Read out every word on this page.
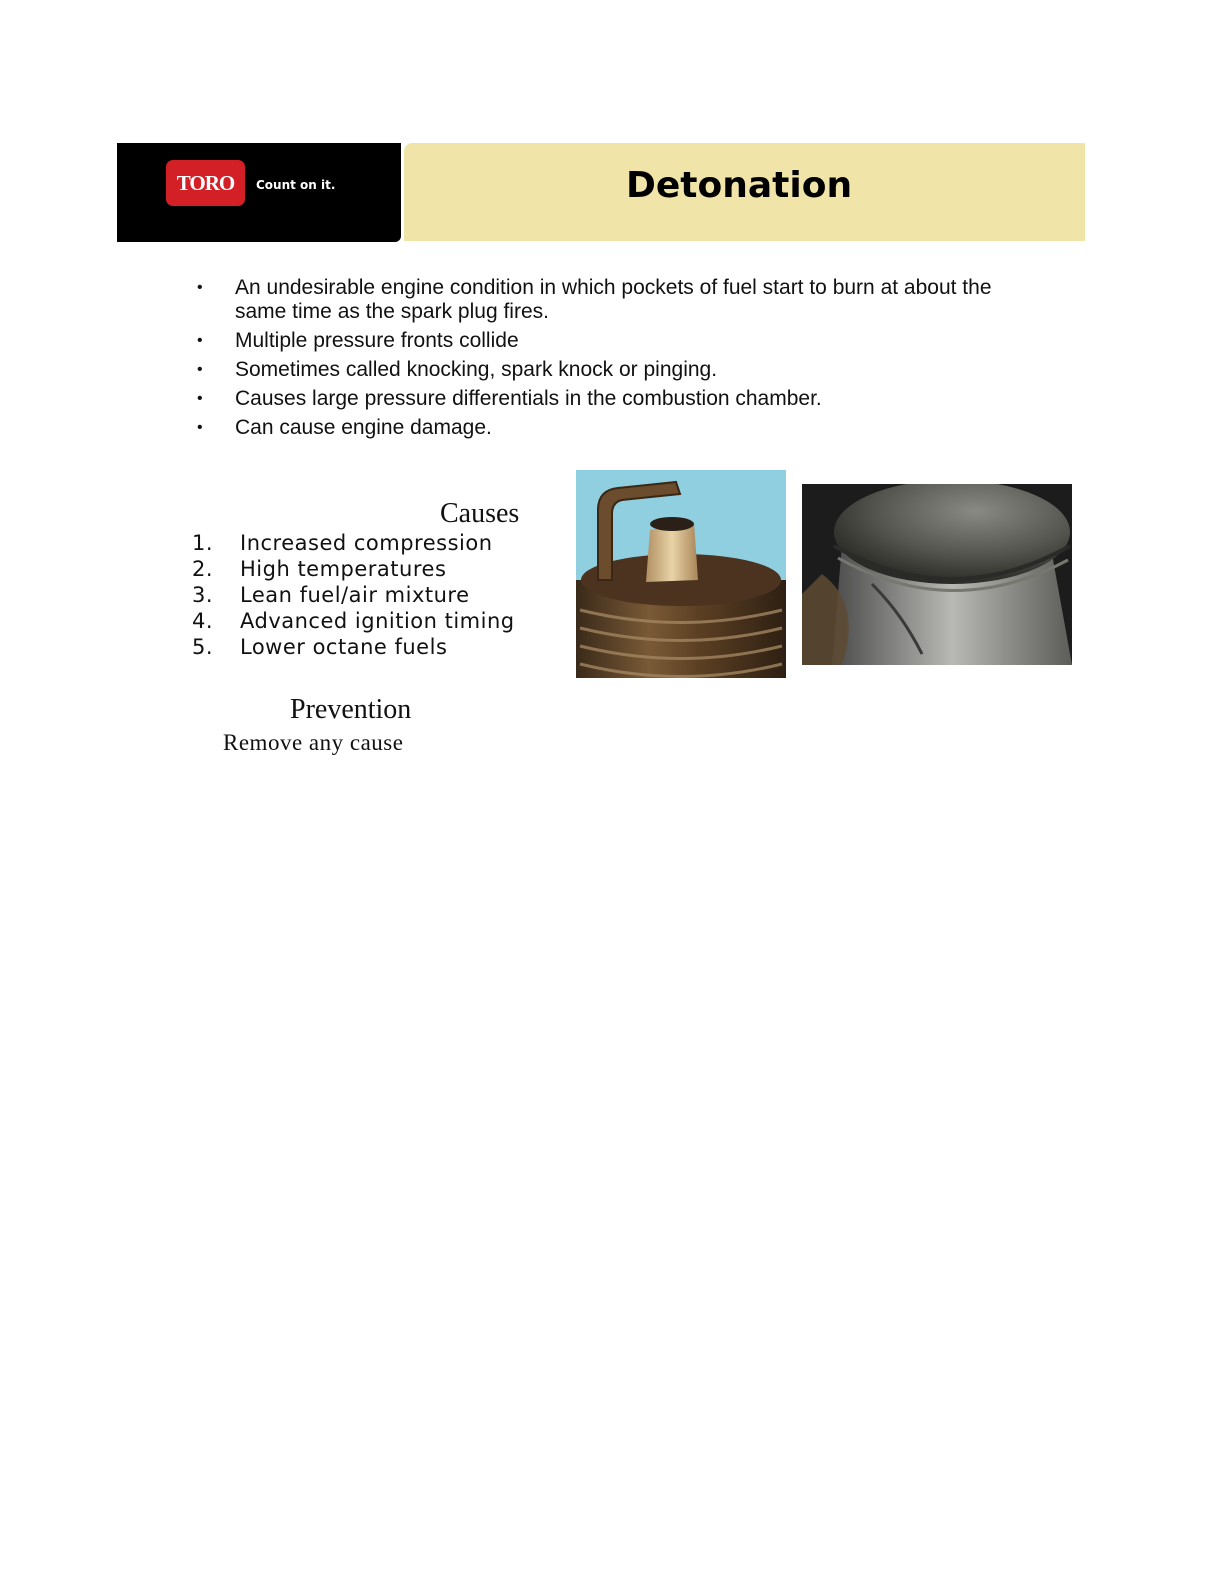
TORO Count on it.	Detonation
• An undesirable engine condition in which pockets of fuel start to burn at about the same time as the spark plug fires.
• Multiple pressure fronts collide
• Sometimes called knocking, spark knock or pinging.
• Causes large pressure differentials in the combustion chamber.
• Can cause engine damage.
Causes
1.	Increased compression
2.	High temperatures
3.	Lean fuel/air mixture
4.	Advanced ignition timing
5.	Lower octane fuels
Prevention
Remove any cause
